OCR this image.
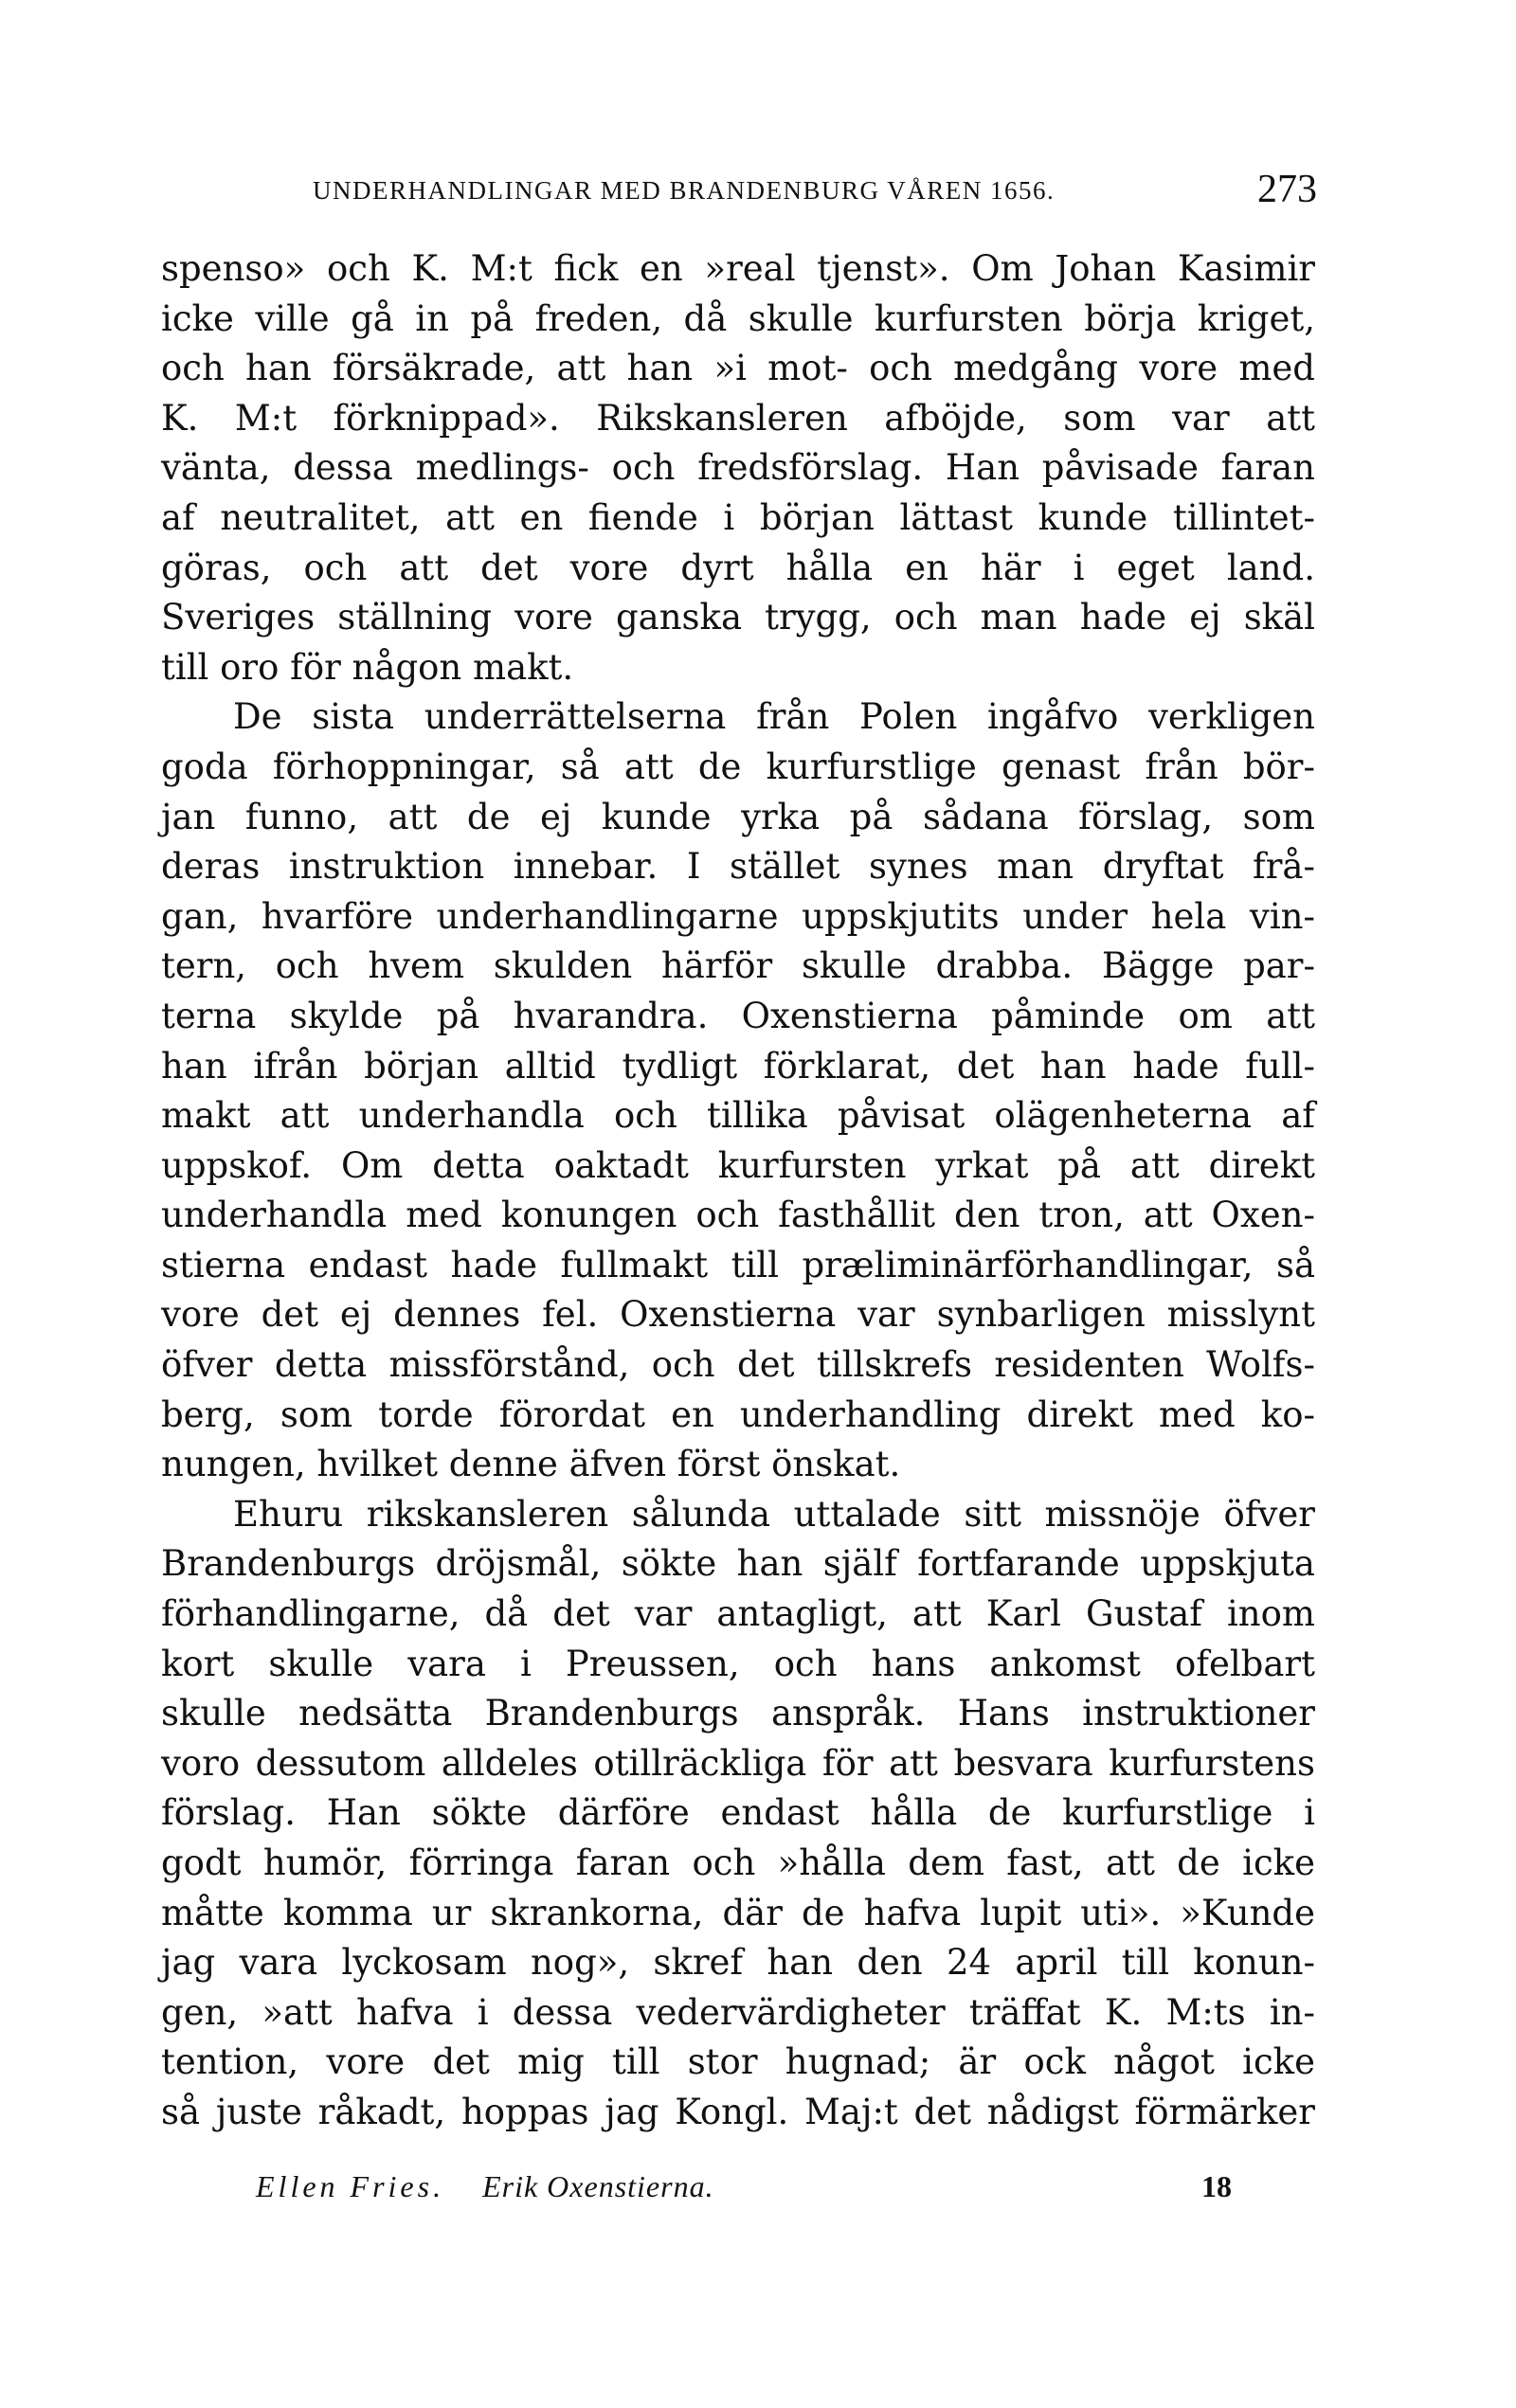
UNDERHANDLINGAR MED BRANDENBURG VÅREN 1656.	273
spenso» och K. M:t fick en »real tjenst». Om Johan Kasimir
icke ville gå in på freden, då skulle kurfursten börja kriget,
och han försäkrade, att han »i mot- och medgång vore med
K. M:t förknippad». Rikskansleren afböjde, som var att
vänta, dessa medlings- och fredsförslag. Han påvisade faran
af neutralitet, att en fiende i början lättast kunde tillintet-
göras, och att det vore dyrt hålla en här i eget land.
Sveriges ställning vore ganska trygg, och man hade ej skäl
till oro för någon makt.
De sista underrättelserna från Polen ingåfvo verkligen
goda förhoppningar, så att de kurfurstlige genast från bör-
jan funno, att de ej kunde yrka på sådana förslag, som
deras instruktion innebar. I stället synes man dryftat frå-
gan, hvarföre underhandlingarne uppskjutits under hela vin-
tern, och hvem skulden härför skulle drabba. Bägge par-
terna skylde på hvarandra. Oxenstierna påminde om att
han ifrån början alltid tydligt förklarat, det han hade full-
makt att underhandla och tillika påvisat olägenheterna af
uppskof. Om detta oaktadt kurfursten yrkat på att direkt
underhandla med konungen och fasthållit den tron, att Oxen-
stierna endast hade fullmakt till præliminärförhandlingar, så
vore det ej dennes fel. Oxenstierna var synbarligen misslynt
öfver detta missförstånd, och det tillskrefs residenten Wolfs-
berg, som torde förordat en underhandling direkt med ko-
nungen, hvilket denne äfven först önskat.
Ehuru rikskansleren sålunda uttalade sitt missnöje öfver
Brandenburgs dröjsmål, sökte han själf fortfarande uppskjuta
förhandlingarne, då det var antagligt, att Karl Gustaf inom
kort skulle vara i Preussen, och hans ankomst ofelbart
skulle nedsätta Brandenburgs anspråk. Hans instruktioner
voro dessutom alldeles otillräckliga för att besvara kurfurstens
förslag. Han sökte därföre endast hålla de kurfurstlige i
godt humör, förringa faran och »hålla dem fast, att de icke
måtte komma ur skrankorna, där de hafva lupit uti». »Kunde
jag vara lyckosam nog», skref han den 24 april till konun-
gen, »att hafva i dessa vedervärdigheter träffat K. M:ts in-
tention, vore det mig till stor hugnad; är ock något icke
så juste råkadt, hoppas jag Kongl. Maj:t det nådigst förmärker
Ellen Fries. Erik Oxenstierna.	18
